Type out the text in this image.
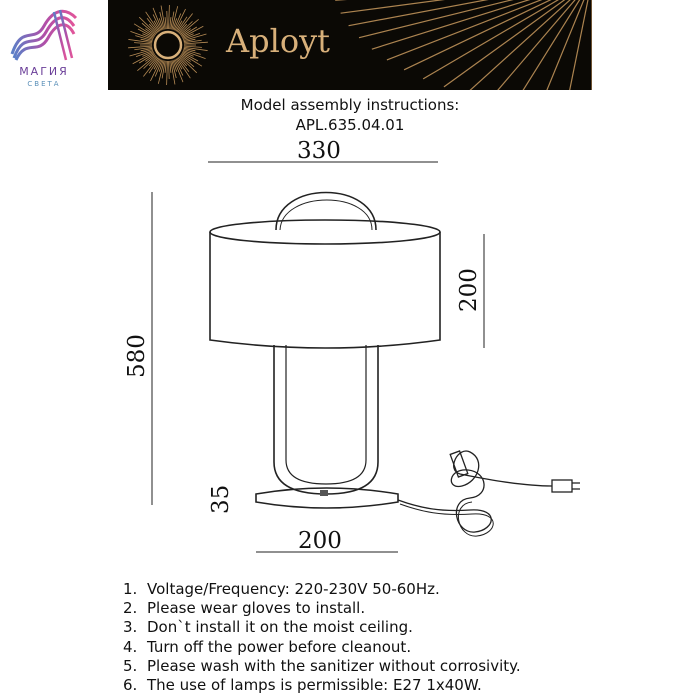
МАГИЯ
СВЕТА
Aployt
Model assembly instructions:
APL.635.04.01
330
580
200
35
200
1. Voltage/Frequency: 220-230V 50-60Hz.
2. Please wear gloves to install.
3. Don`t install it on the moist ceiling.
4. Turn off the power before cleanout.
5. Please wash with the sanitizer without corrosivity.
6. The use of lamps is permissible: E27 1x40W.
